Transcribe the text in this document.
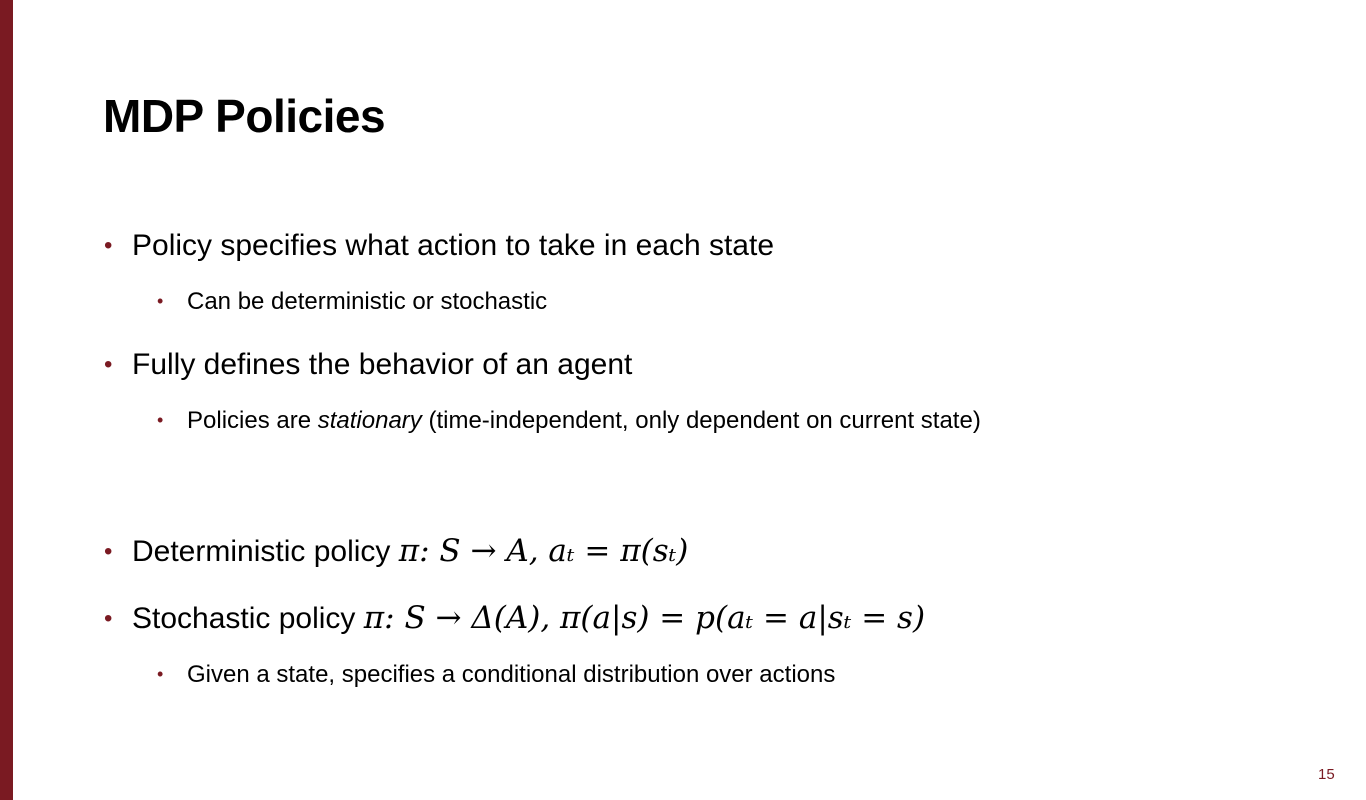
MDP Policies
• Policy specifies what action to take in each state
• Can be deterministic or stochastic
• Fully defines the behavior of an agent
• Policies are stationary (time-independent, only dependent on current state)
• Deterministic policy π: S → A, aₜ = π(sₜ)
• Stochastic policy π: S → Δ(A), π(a|s) = p(aₜ = a|sₜ = s)
• Given a state, specifies a conditional distribution over actions
15
